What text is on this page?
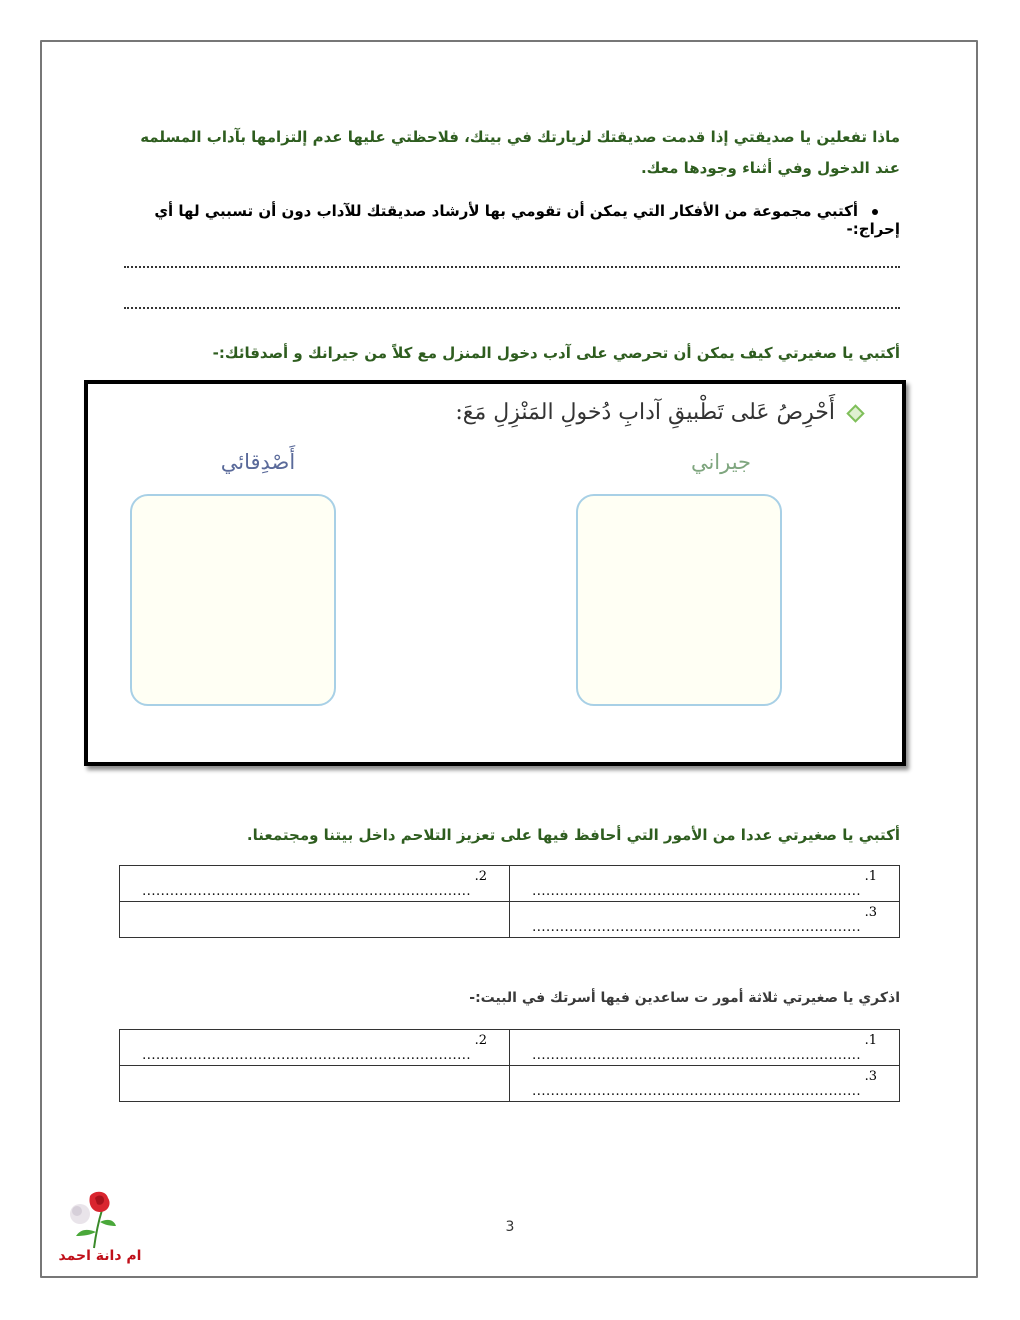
ماذا تفعلين يا صديقتي إذا قدمت صديقتك لزيارتك في بيتك، فلاحظتي عليها عدم إلتزامها بآداب المسلمه عند الدخول وفي أثناء وجودها معك.
أكتبي مجموعة من الأفكار التي يمكن أن تقومي بها لأرشاد صديقتك للآداب دون أن تسببي لها أي إحراج:-
أكتبي يا صغيرتي كيف يمكن أن تحرصي على آدب دخول المنزل مع كلاً من جيرانك و أصدقائك:-
أَحْرِصُ عَلى تَطْبيقِ آدابِ دُخولِ المَنْزِلِ مَعَ:
جيراني
أَصْدِقائي
أكتبي يا صغيرتي عددا من الأمور التي أحافظ فيها على تعزيز التلاحم داخل بيتنا ومجتمعنا.
1........................................................................	2........................................................................
3........................................................................	
اذكري يا صغيرتي ثلاثة أمور ت ساعدين فيها أسرتك في البيت:-
1........................................................................	2........................................................................
3........................................................................	
ام دانة احمد
3
